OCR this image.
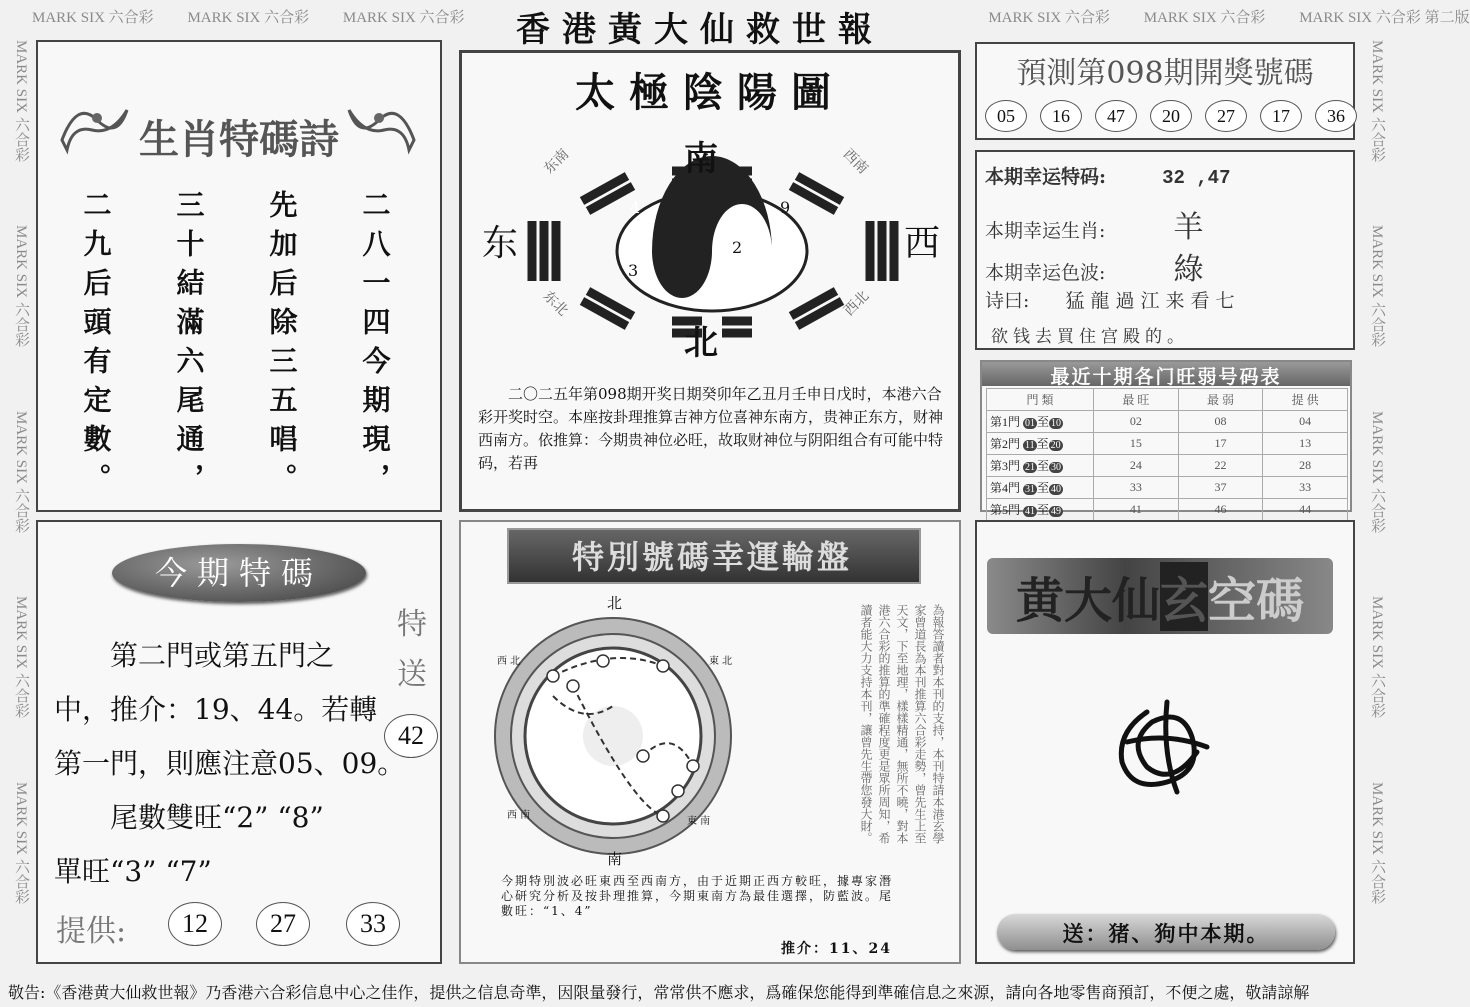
MARK SIX 六合彩 MARK SIX 六合彩 MARK SIX 六合彩	MARK SIX 六合彩 MARK SIX 六合彩 MARK SIX 六合彩 第二版
MARK SIX 六合彩 MARK SIX 六合彩 MARK SIX 六合彩 MARK SIX 六合彩 MARK SIX 六合彩
MARK SIX 六合彩 MARK SIX 六合彩 MARK SIX 六合彩 MARK SIX 六合彩 MARK SIX 六合彩
香港黃大仙救世報
生肖特碼詩
二九后頭有定數。 三十結滿六尾通， 先加后除三五唱。 二八一四今期現，
太極陰陽圖
南
北
东	西
东南	西南
东北	西北
4	9
2
3	5
二〇二五年第098期开奖日期癸卯年乙丑月壬申日戊时，本港六合彩开奖时空。本座按卦理推算吉神方位喜神东南方，贵神正东方，财神西南方。依推算：今期贵神位必旺，故取财神位与阴阳组合有可能中特码，若再
預測第098期開獎號碼
05	16	47	20	27	17	36
本期幸运特码:	32 ,47
本期幸运生肖: 羊
本期幸运色波: 綠
诗曰: 猛龍過江来看七
欲钱去買住宫殿的。
最近十期各门旺弱号码表
門 類	最 旺	最 弱	提 供
第1門 01 至 10	02	08	04
第2門 11 至 20	15	17	13
第3門 21 至 30	24	22	28
第4門 31 至 40	33	37	33
第5門 41 至 49	41	46	44
今期特碼
特送
42
第二門或第五門之
中，推介：19、44。若轉
第一門，則應注意05、09。
尾數雙旺“2” “8”
單旺“3” “7”
提供:	12	27	33
特別號碼幸運輪盤
北
南
西 北	東 北
西 南
東 南	為報答讀者對本刊的支持，本刊特請本港玄學家曾道長為本刊推算六合彩走勢，曾先生上至天文，下至地理，樣樣精通，無所不曉，對本港六合彩的推算的準確程度更是眾所周知，希讀者能大力支持本刊，讓曾先生帶您發大財。
今期特別波必旺東西至西南方，由于近期正西方較旺，據專家潛心研究分析及按卦理推算，今期東南方為最佳選擇，防藍波。尾數旺：“1、4”
推介：11、24
黄 大 仙 玄 空 碼
送：猪、狗中本期。
敬告:《香港黄大仙救世報》乃香港六合彩信息中心之佳作，提供之信息奇準，因限量發行，常常供不應求，爲確保您能得到準確信息之來源，請向各地零售商預訂，不便之處，敬請諒解
